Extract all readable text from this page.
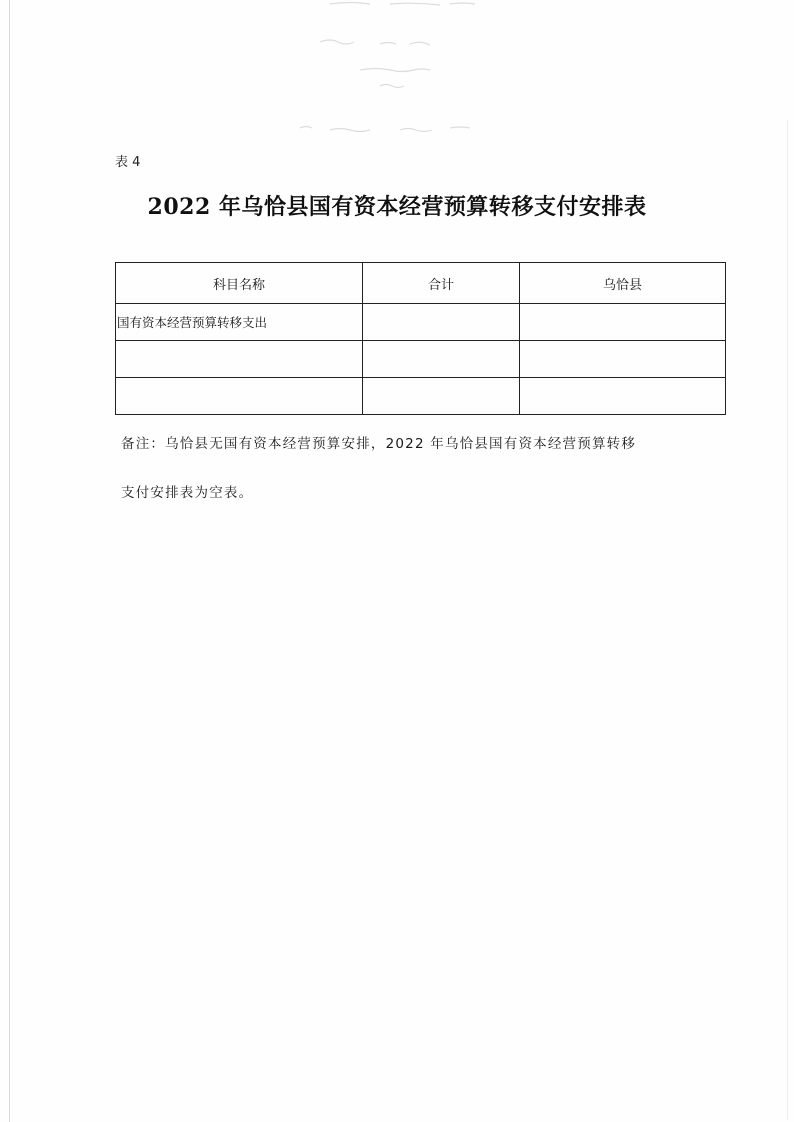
表 4
2022 年乌恰县国有资本经营预算转移支付安排表
科目名称	合计	乌恰县
国有资本经营预算转移支出		

备注：乌恰县无国有资本经营预算安排，2022 年乌恰县国有资本经营预算转移
支付安排表为空表。
